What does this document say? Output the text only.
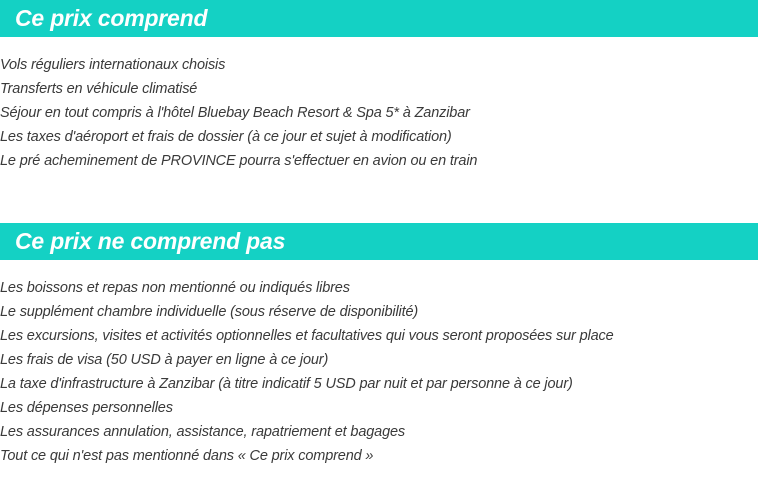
Ce prix comprend
Vols réguliers internationaux choisis
Transferts en véhicule climatisé
Séjour en tout compris à l'hôtel Bluebay Beach Resort & Spa 5* à Zanzibar
Les taxes d'aéroport et frais de dossier (à ce jour et sujet à modification)
Le pré acheminement de PROVINCE pourra s'effectuer en avion ou en train
Ce prix ne comprend pas
Les boissons et repas non mentionné ou indiqués libres
Le supplément chambre individuelle (sous réserve de disponibilité)
Les excursions, visites et activités optionnelles et facultatives qui vous seront proposées sur place
Les frais de visa (50 USD à payer en ligne à ce jour)
La taxe d'infrastructure à Zanzibar (à titre indicatif 5 USD par nuit et par personne à ce jour)
Les dépenses personnelles
Les assurances annulation, assistance, rapatriement et bagages
Tout ce qui n'est pas mentionné dans « Ce prix comprend »
